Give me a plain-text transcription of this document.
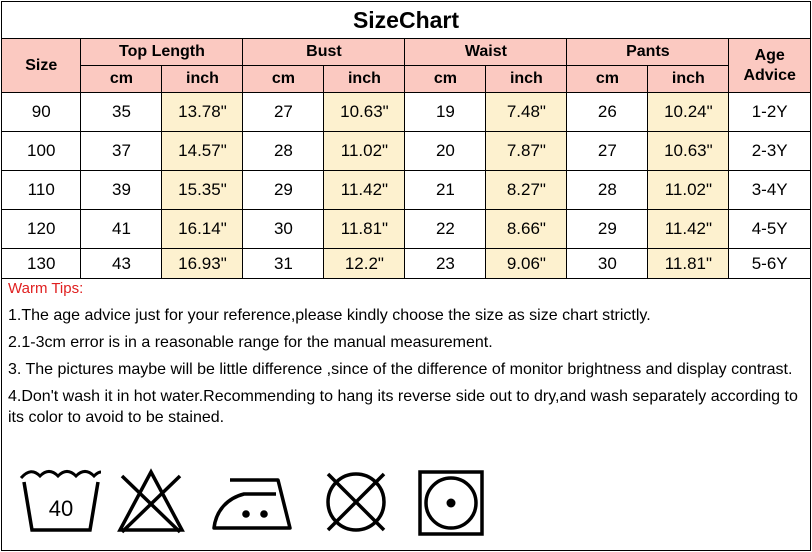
SizeChart
Size	Top Length		Bust		Waist		Pants		Age Advice
	cm	inch	cm	inch	cm	inch	cm	inch	
90	35	13.78"	27	10.63"	19	7.48"	26	10.24"	1-2Y
100	37	14.57"	28	11.02"	20	7.87"	27	10.63"	2-3Y
110	39	15.35"	29	11.42"	21	8.27"	28	11.02"	3-4Y
120	41	16.14"	30	11.81"	22	8.66"	29	11.42"	4-5Y
130	43	16.93"	31	12.2"	23	9.06"	30	11.81"	5-6Y

Warm Tips:

1.The age advice just for your reference,please kindly choose the size as size chart strictly.

2.1-3cm error is in a reasonable range for the manual measurement.

3. The pictures maybe will be little difference ,since of the difference of monitor brightness and display contrast.

4.Don't wash it in hot water.Recommending to hang its reverse side out to dry,and wash separately according to its color to avoid to be stained.

40
